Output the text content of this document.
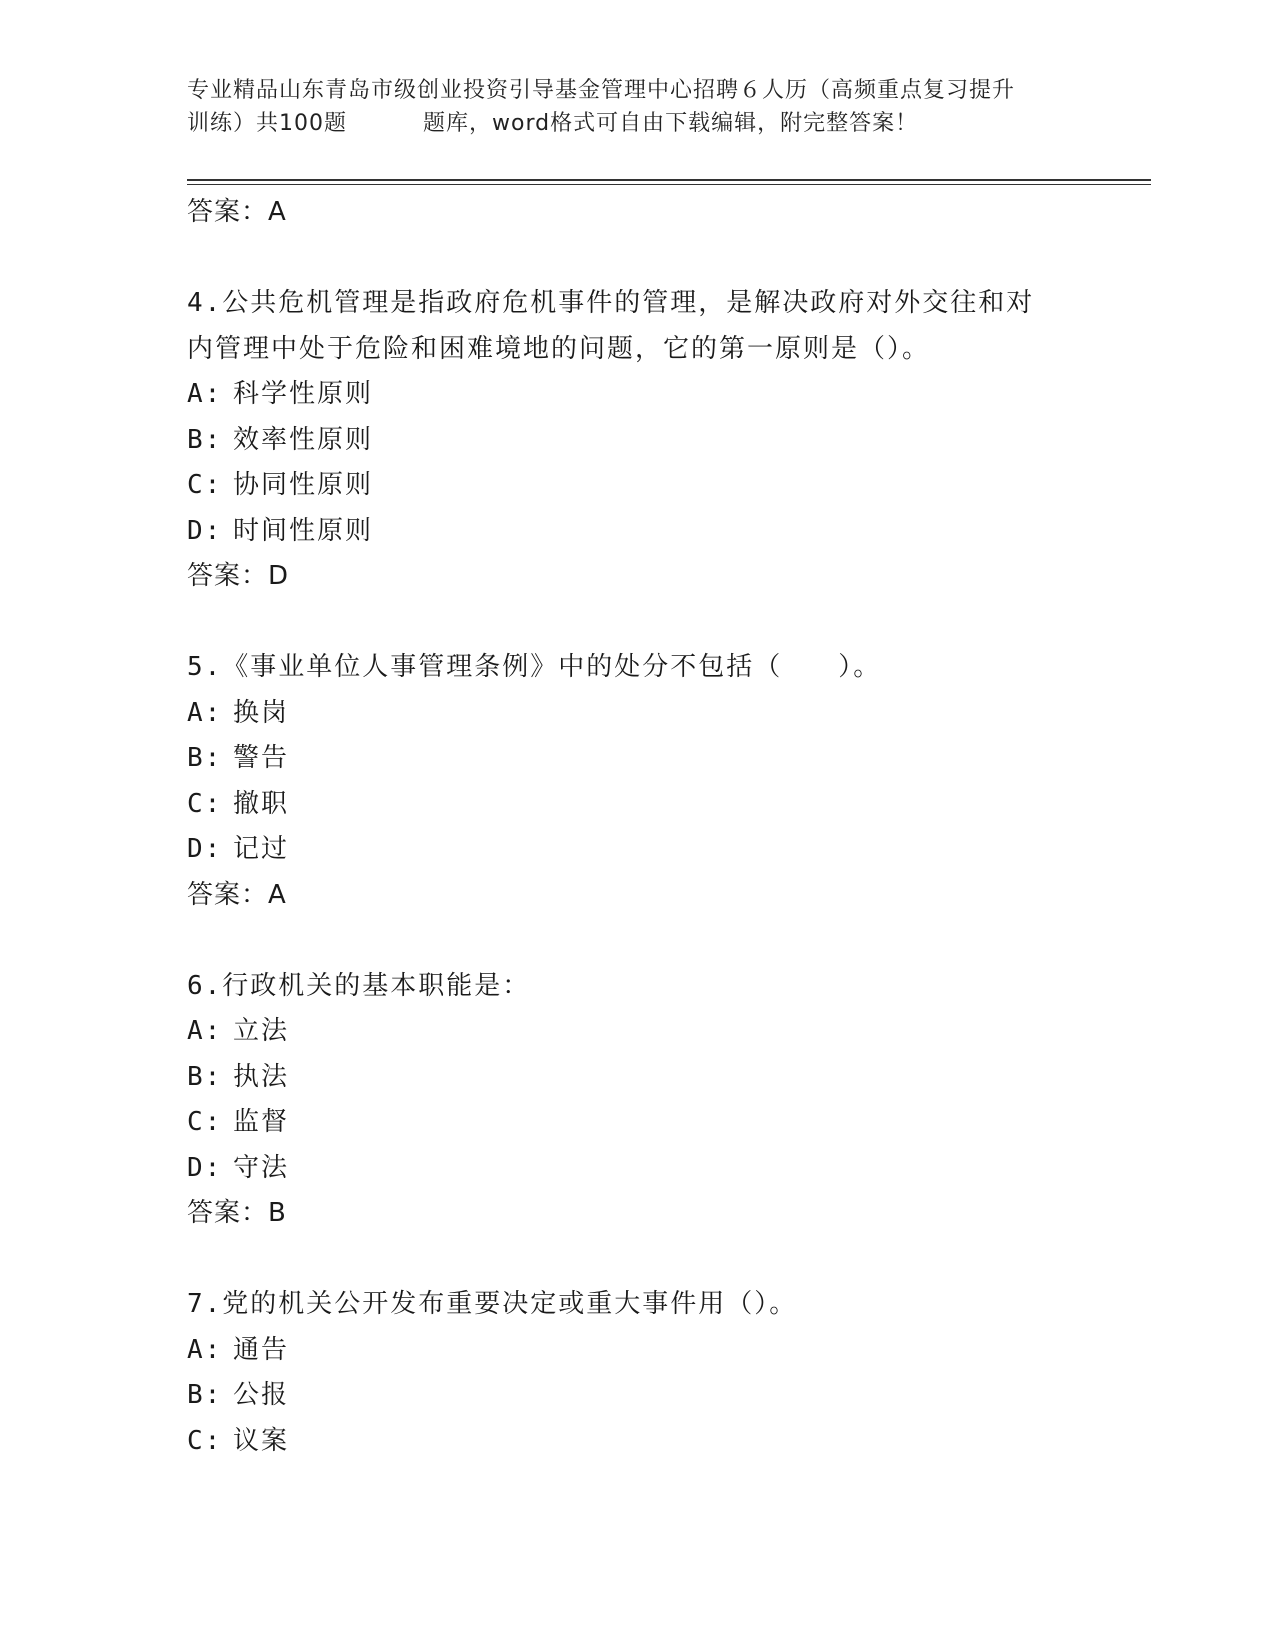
专业精品山东青岛市级创业投资引导基金管理中心招聘６人历（高频重点复习提升
训练）共100题	题库，word格式可自由下载编辑，附完整答案！
答案：A
4.公共危机管理是指政府危机事件的管理，是解决政府对外交往和对
内管理中处于危险和困难境地的问题，它的第一原则是（）。
A: 科学性原则
B: 效率性原则
C: 协同性原则
D: 时间性原则
答案：D
5.《事业单位人事管理条例》中的处分不包括（　　）。
A: 换岗
B: 警告
C: 撤职
D: 记过
答案：A
6.行政机关的基本职能是：
A: 立法
B: 执法
C: 监督
D: 守法
答案：B
7.党的机关公开发布重要决定或重大事件用（）。
A: 通告
B: 公报
C: 议案
